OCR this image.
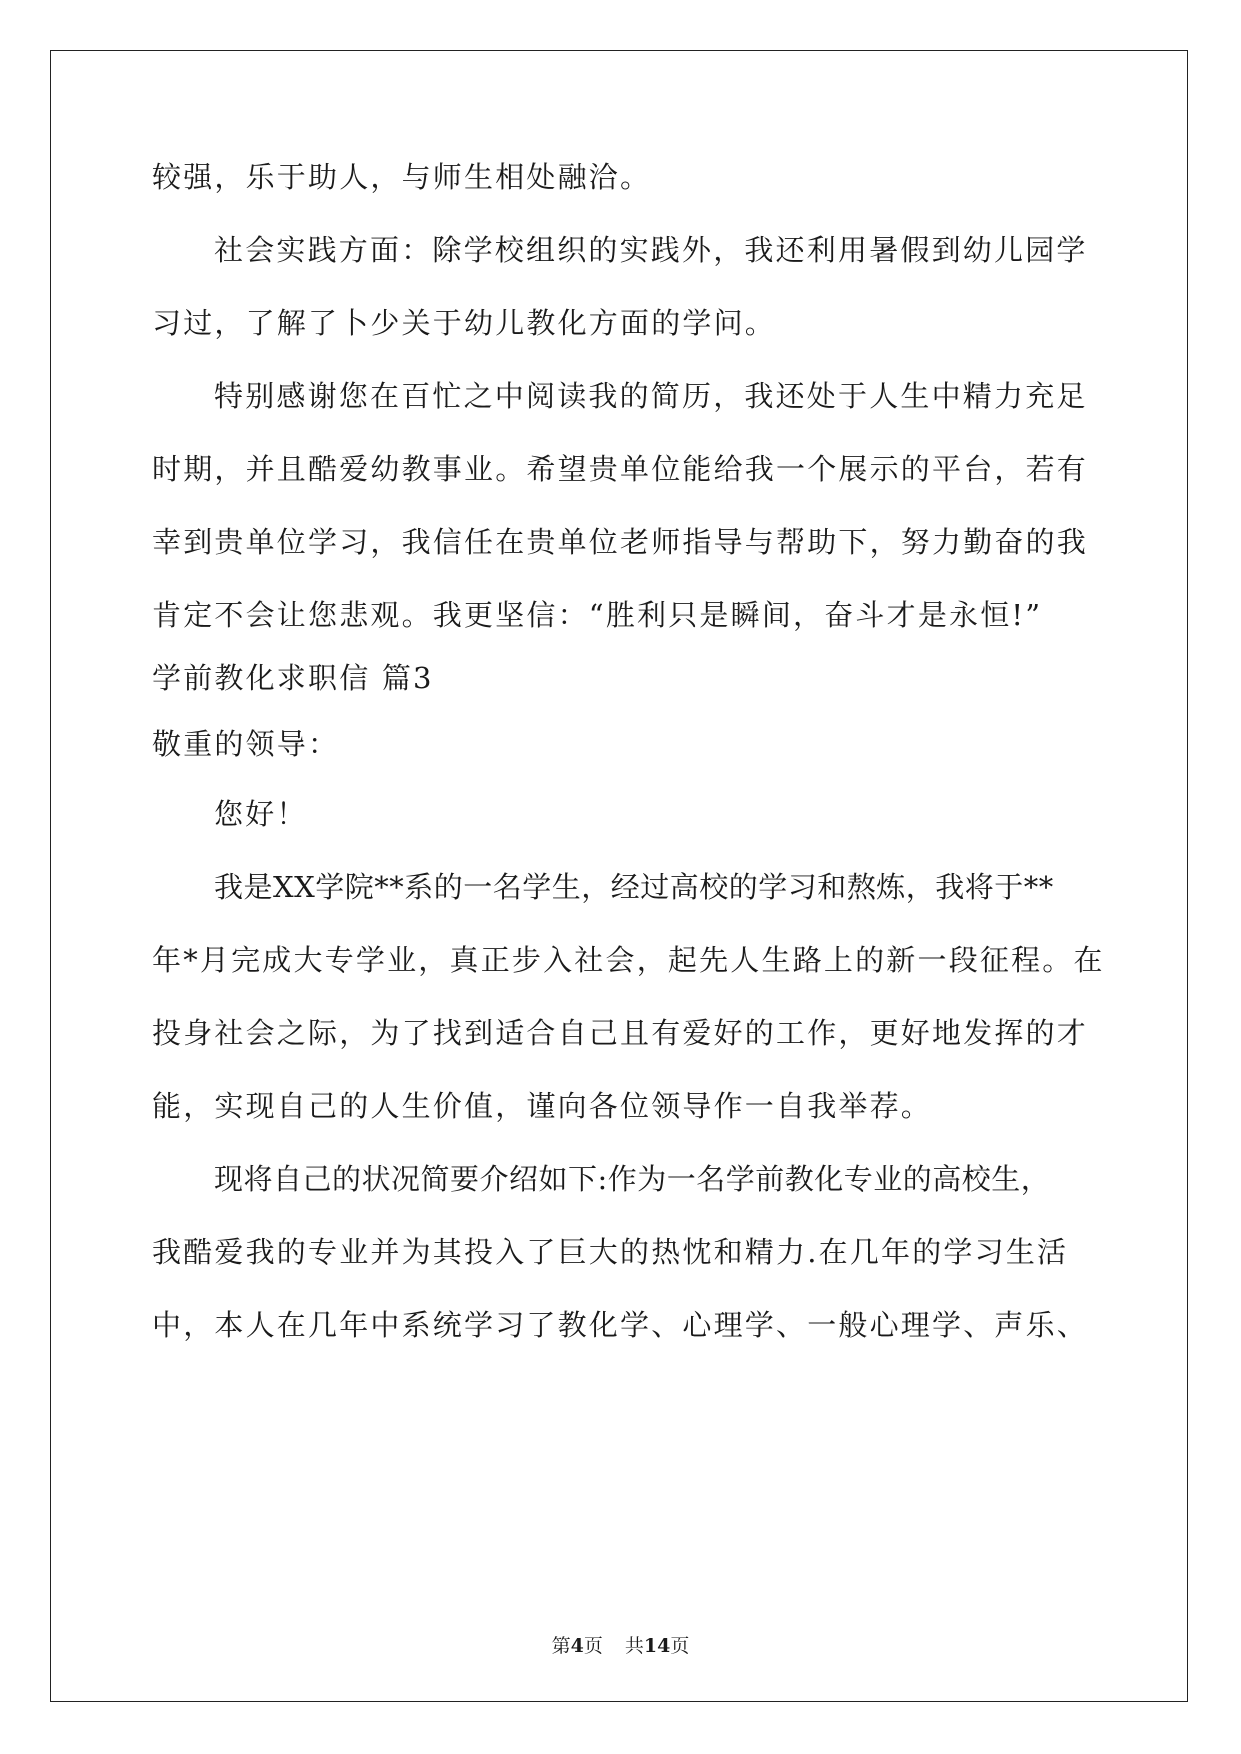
较强，乐于助人，与师生相处融洽。
社会实践方面：除学校组织的实践外，我还利用暑假到幼儿园学
习过，了解了卜少关于幼儿教化方面的学问。
特别感谢您在百忙之中阅读我的简历，我还处于人生中精力充足
时期，并且酷爱幼教事业。希望贵单位能给我一个展示的平台，若有
幸到贵单位学习，我信任在贵单位老师指导与帮助下，努力勤奋的我
肯定不会让您悲观。我更坚信：“胜利只是瞬间，奋斗才是永恒!”
学前教化求职信 篇3
敬重的领导：
您好！
我是XX学院**系的一名学生，经过高校的学习和熬炼，我将于**
年*月完成大专学业，真正步入社会，起先人生路上的新一段征程。在
投身社会之际，为了找到适合自己且有爱好的工作，更好地发挥的才
能，实现自己的人生价值，谨向各位领导作一自我举荐。
现将自己的状况简要介绍如下:作为一名学前教化专业的高校生，
我酷爱我的专业并为其投入了巨大的热忱和精力.在几年的学习生活
中，本人在几年中系统学习了教化学、心理学、一般心理学、声乐、
第4页 共14页
